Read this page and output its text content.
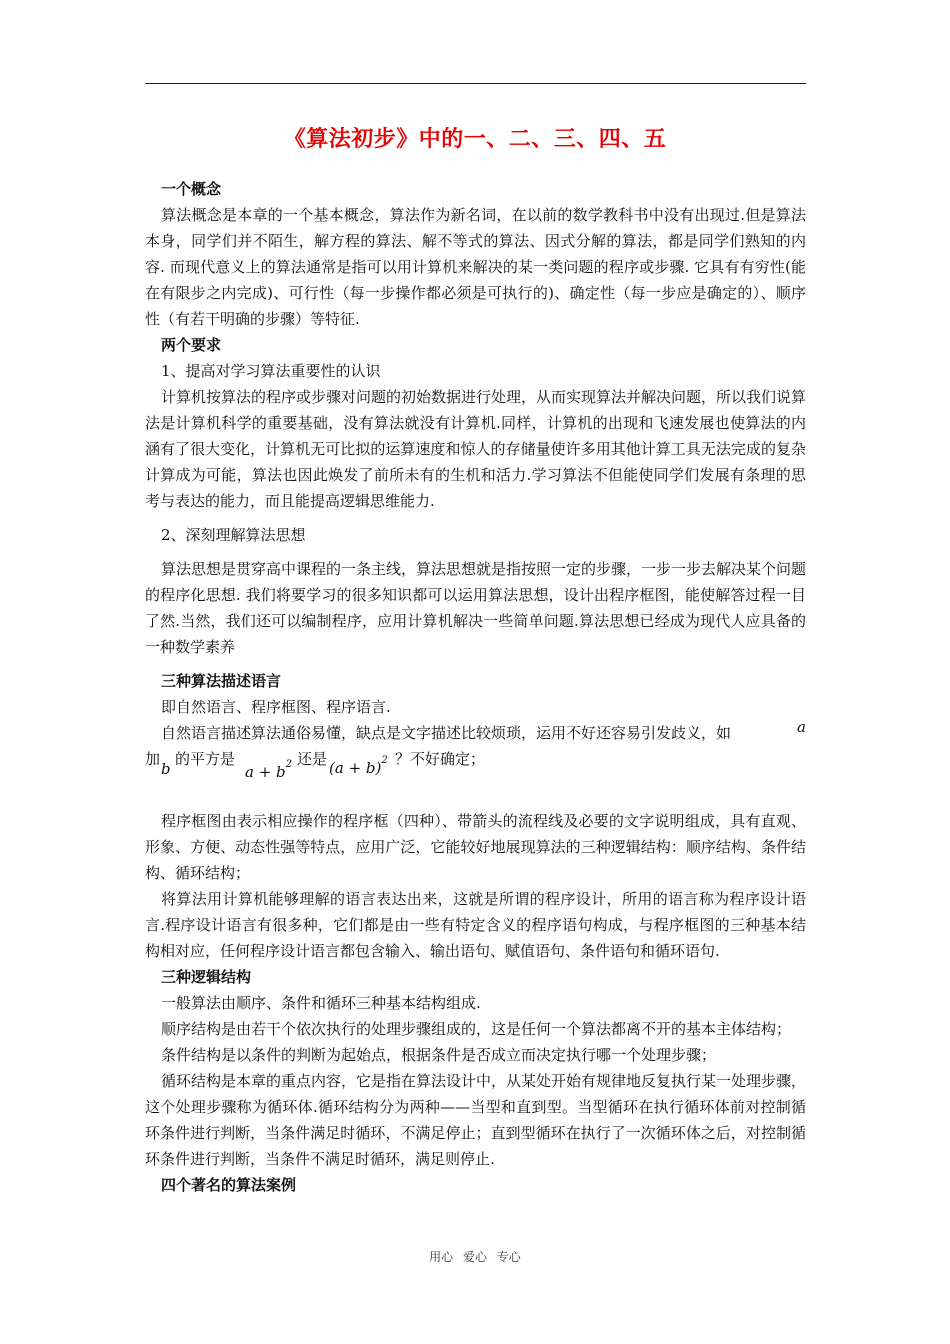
《算法初步》中的一、二、三、四、五
一个概念
算法概念是本章的一个基本概念，算法作为新名词，在以前的数学教科书中没有出现过.但是算法本身，同学们并不陌生，解方程的算法、解不等式的算法、因式分解的算法，都是同学们熟知的内容. 而现代意义上的算法通常是指可以用计算机来解决的某一类问题的程序或步骤. 它具有有穷性(能在有限步之内完成)、可行性（每一步操作都必须是可执行的)、确定性（每一步应是确定的）、顺序性（有若干明确的步骤）等特征.
两个要求
1、提高对学习算法重要性的认识
计算机按算法的程序或步骤对问题的初始数据进行处理，从而实现算法并解决问题，所以我们说算法是计算机科学的重要基础，没有算法就没有计算机.同样，计算机的出现和飞速发展也使算法的内涵有了很大变化，计算机无可比拟的运算速度和惊人的存储量使许多用其他计算工具无法完成的复杂计算成为可能，算法也因此焕发了前所未有的生机和活力.学习算法不但能使同学们发展有条理的思考与表达的能力，而且能提高逻辑思维能力.
2、深刻理解算法思想
算法思想是贯穿高中课程的一条主线，算法思想就是指按照一定的步骤，一步一步去解决某个问题的程序化思想. 我们将要学习的很多知识都可以运用算法思想，设计出程序框图，能使解答过程一目了然.当然，我们还可以编制程序，应用计算机解决一些简单问题.算法思想已经成为现代人应具备的一种数学素养
三种算法描述语言
即自然语言、程序框图、程序语言.
自然语言描述算法通俗易懂，缺点是文字描述比较烦琐，运用不好还容易引发歧义，如	a
加
b
的平方是
$a + b^2$ 还是 $(a + b)^2$ ？不好确定；
程序框图由表示相应操作的程序框（四种）、带箭头的流程线及必要的文字说明组成，具有直观、形象、方便、动态性强等特点，应用广泛，它能较好地展现算法的三种逻辑结构：顺序结构、条件结构、循环结构；
将算法用计算机能够理解的语言表达出来，这就是所谓的程序设计，所用的语言称为程序设计语言.程序设计语言有很多种，它们都是由一些有特定含义的程序语句构成，与程序框图的三种基本结构相对应，任何程序设计语言都包含输入、输出语句、赋值语句、条件语句和循环语句.
三种逻辑结构
一般算法由顺序、条件和循环三种基本结构组成.
顺序结构是由若干个依次执行的处理步骤组成的，这是任何一个算法都离不开的基本主体结构；
条件结构是以条件的判断为起始点，根据条件是否成立而决定执行哪一个处理步骤；
循环结构是本章的重点内容，它是指在算法设计中，从某处开始有规律地反复执行某一处理步骤，这个处理步骤称为循环体.循环结构分为两种——当型和直到型。当型循环在执行循环体前对控制循环条件进行判断，当条件满足时循环，不满足停止；直到型循环在执行了一次循环体之后，对控制循环条件进行判断，当条件不满足时循环，满足则停止.
四个著名的算法案例
用心 爱心 专心
